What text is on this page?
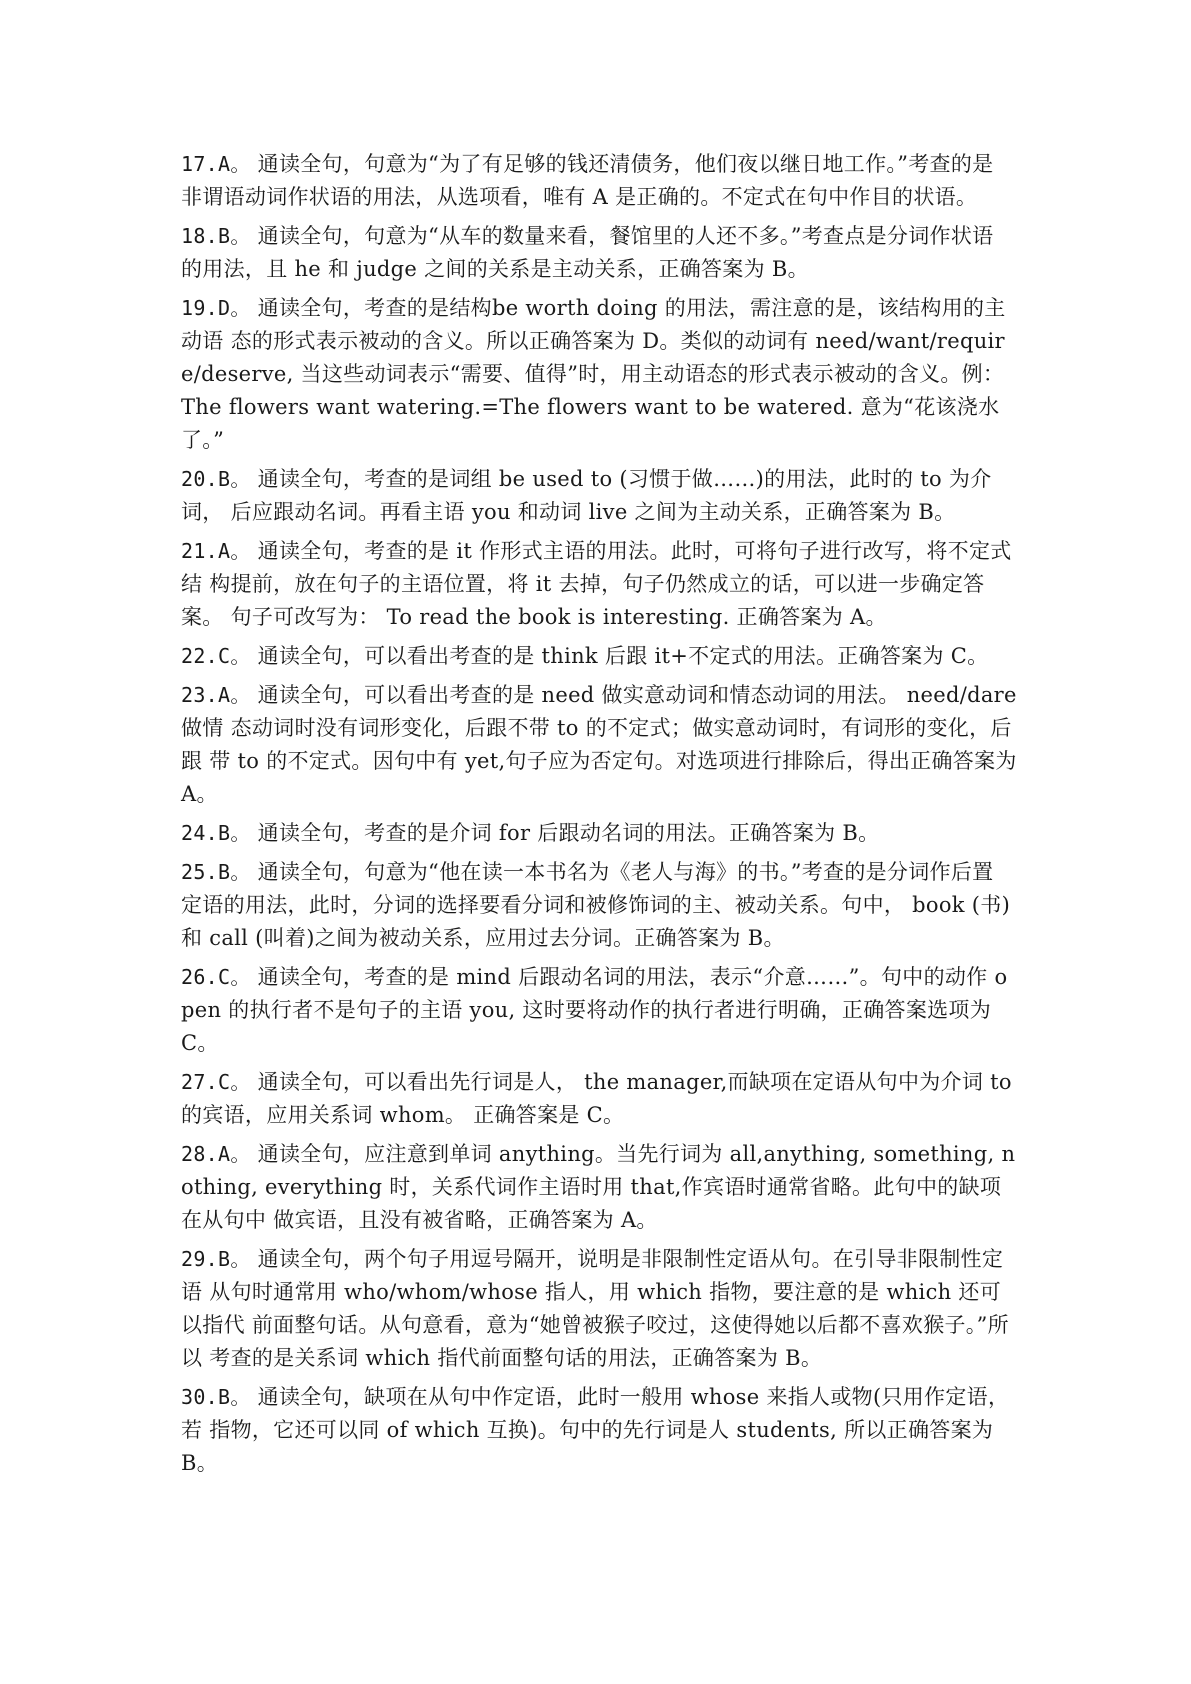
17.A。 通读全句，句意为“为了有足够的钱还清债务，他们夜以继日地工作。”考查的是 非谓语动词作状语的用法，从选项看，唯有 A 是正确的。不定式在句中作目的状语。

18.B。 通读全句，句意为“从车的数量来看，餐馆里的人还不多。”考查点是分词作状语 的用法，且 he 和 judge 之间的关系是主动关系，正确答案为 B。

19.D。 通读全句，考查的是结构be worth doing 的用法，需注意的是，该结构用的主动语 态的形式表示被动的含义。所以正确答案为 D。类似的动词有 need/want/require/deserve, 当这些动词表示“需要、值得”时，用主动语态的形式表示被动的含义。例： The flowers want watering.=The flowers want to be watered. 意为“花该浇水了。”

20.B。 通读全句，考查的是词组 be used to (习惯于做……)的用法，此时的 to 为介词， 后应跟动名词。再看主语 you 和动词 live 之间为主动关系，正确答案为 B。

21.A。 通读全句，考查的是 it 作形式主语的用法。此时，可将句子进行改写，将不定式结 构提前，放在句子的主语位置，将 it 去掉，句子仍然成立的话，可以进一步确定答案。 句子可改写为： To read the book is interesting. 正确答案为 A。

22.C。 通读全句，可以看出考查的是 think 后跟 it+不定式的用法。正确答案为 C。

23.A。 通读全句，可以看出考查的是 need 做实意动词和情态动词的用法。 need/dare 做情 态动词时没有词形变化，后跟不带 to 的不定式；做实意动词时，有词形的变化，后跟 带 to 的不定式。因句中有 yet,句子应为否定句。对选项进行排除后，得出正确答案为 A。

24.B。 通读全句，考查的是介词 for 后跟动名词的用法。正确答案为 B。

25.B。 通读全句，句意为“他在读一本书名为《老人与海》的书。”考查的是分词作后置 定语的用法，此时，分词的选择要看分词和被修饰词的主、被动关系。句中， book (书)和 call (叫着)之间为被动关系，应用过去分词。正确答案为 B。

26.C。 通读全句，考查的是 mind 后跟动名词的用法，表示“介意……”。句中的动作 open 的执行者不是句子的主语 you, 这时要将动作的执行者进行明确，正确答案选项为 C。

27.C。 通读全句，可以看出先行词是人， the manager,而缺项在定语从句中为介词 to 的宾语，应用关系词 whom。 正确答案是 C。

28.A。 通读全句，应注意到单词 anything。当先行词为 all,anything, something, nothing, everything 时，关系代词作主语时用 that,作宾语时通常省略。此句中的缺项在从句中 做宾语，且没有被省略，正确答案为 A。

29.B。 通读全句，两个句子用逗号隔开，说明是非限制性定语从句。在引导非限制性定语 从句时通常用 who/whom/whose 指人，用 which 指物，要注意的是 which 还可以指代 前面整句话。从句意看，意为“她曾被猴子咬过，这使得她以后都不喜欢猴子。”所以 考查的是关系词 which 指代前面整句话的用法，正确答案为 B。

30.B。 通读全句，缺项在从句中作定语，此时一般用 whose 来指人或物(只用作定语，若 指物，它还可以同 of which 互换)。句中的先行词是人 students, 所以正确答案为 B。
